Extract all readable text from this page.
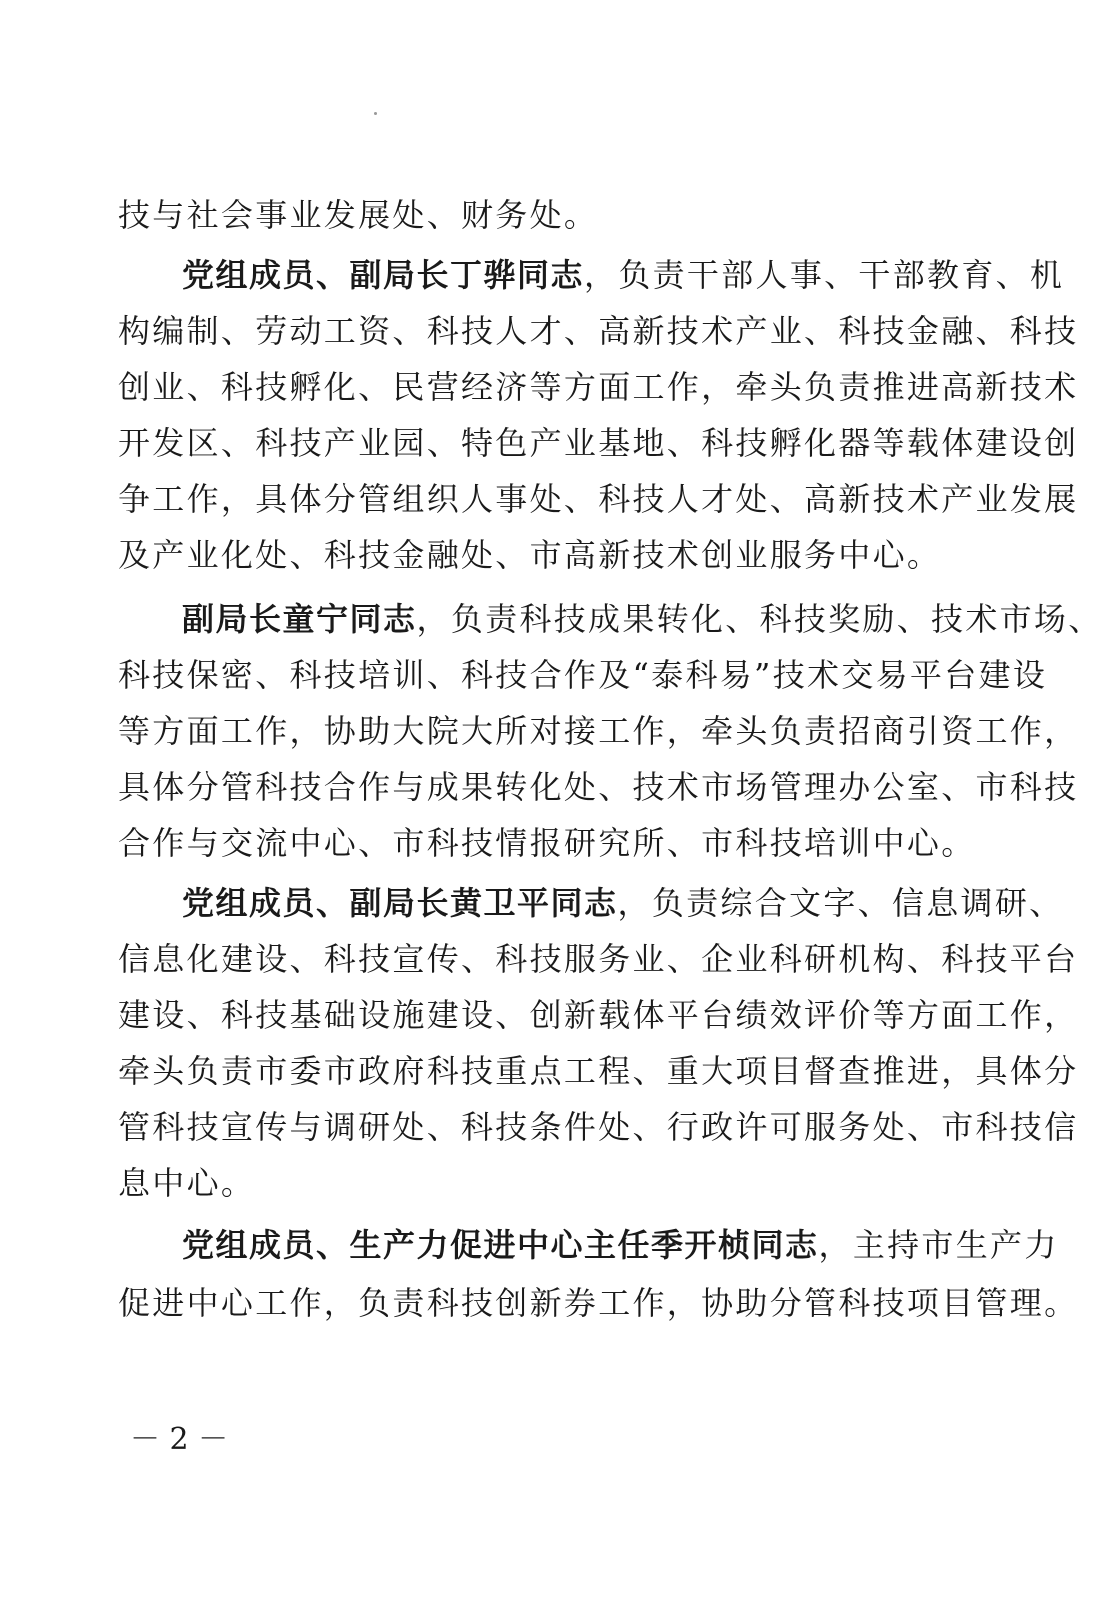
技与社会事业发展处、财务处。
党组成员、副局长丁骅同志，负责干部人事、干部教育、机
构编制、劳动工资、科技人才、高新技术产业、科技金融、科技
创业、科技孵化、民营经济等方面工作，牵头负责推进高新技术
开发区、科技产业园、特色产业基地、科技孵化器等载体建设创
争工作，具体分管组织人事处、科技人才处、高新技术产业发展
及产业化处、科技金融处、市高新技术创业服务中心。
副局长童宁同志，负责科技成果转化、科技奖励、技术市场、
科技保密、科技培训、科技合作及“泰科易”技术交易平台建设
等方面工作，协助大院大所对接工作，牵头负责招商引资工作，
具体分管科技合作与成果转化处、技术市场管理办公室、市科技
合作与交流中心、市科技情报研究所、市科技培训中心。
党组成员、副局长黄卫平同志，负责综合文字、信息调研、
信息化建设、科技宣传、科技服务业、企业科研机构、科技平台
建设、科技基础设施建设、创新载体平台绩效评价等方面工作，
牵头负责市委市政府科技重点工程、重大项目督查推进，具体分
管科技宣传与调研处、科技条件处、行政许可服务处、市科技信
息中心。
党组成员、生产力促进中心主任季开桢同志，主持市生产力
促进中心工作，负责科技创新券工作，协助分管科技项目管理。
－ 2 －
